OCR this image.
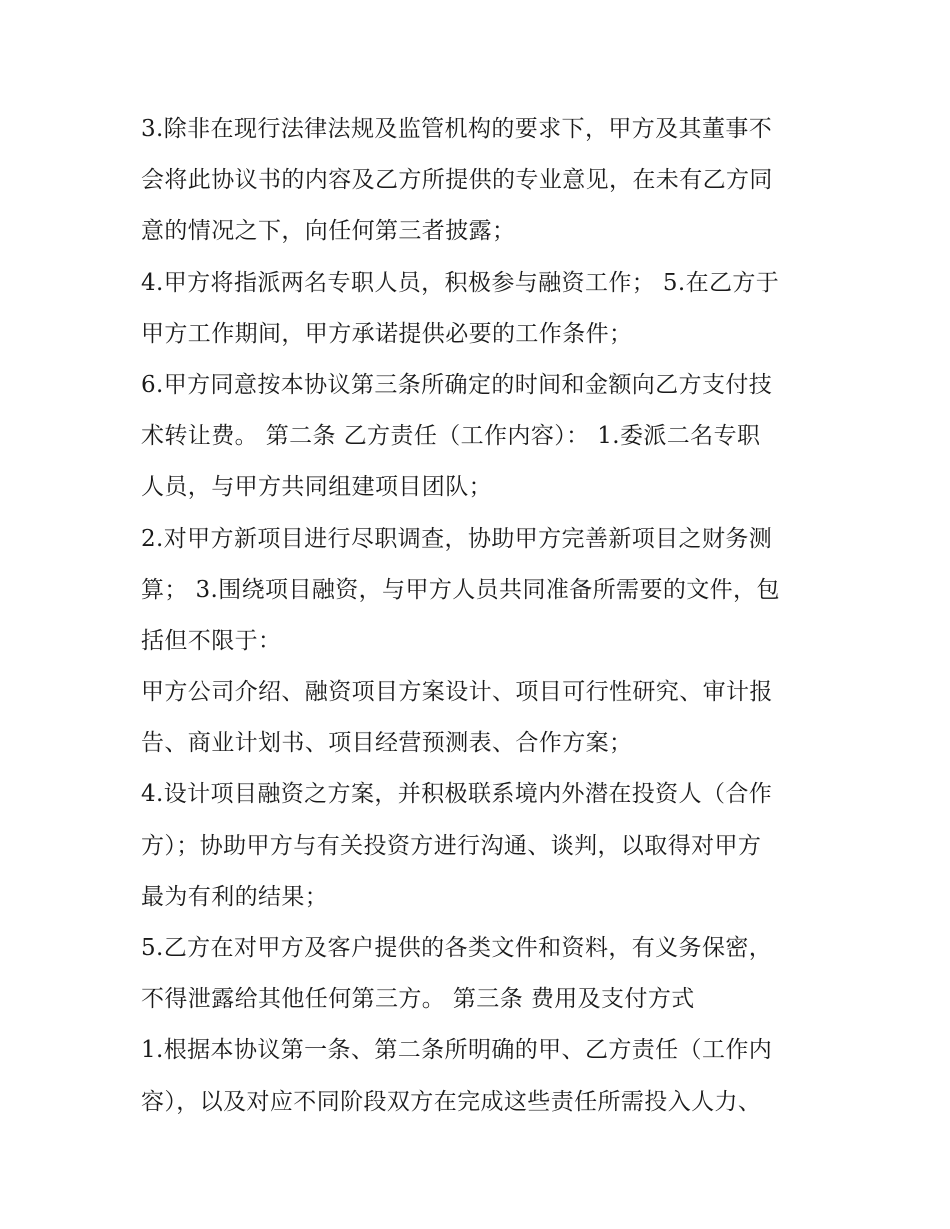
3.除非在现行法律法规及监管机构的要求下，甲方及其董事不
会将此协议书的内容及乙方所提供的专业意见，在未有乙方同
意的情况之下，向任何第三者披露；

4.甲方将指派两名专职人员，积极参与融资工作； 5.在乙方于
甲方工作期间，甲方承诺提供必要的工作条件；

6.甲方同意按本协议第三条所确定的时间和金额向乙方支付技
术转让费。 第二条 乙方责任（工作内容）： 1.委派二名专职
人员，与甲方共同组建项目团队；

2.对甲方新项目进行尽职调查，协助甲方完善新项目之财务测
算； 3.围绕项目融资，与甲方人员共同准备所需要的文件，包
括但不限于：

甲方公司介绍、融资项目方案设计、项目可行性研究、审计报
告、商业计划书、项目经营预测表、合作方案；

4.设计项目融资之方案，并积极联系境内外潜在投资人（合作
方）；协助甲方与有关投资方进行沟通、谈判，以取得对甲方
最为有利的结果；

5.乙方在对甲方及客户提供的各类文件和资料，有义务保密，
不得泄露给其他任何第三方。 第三条 费用及支付方式

1.根据本协议第一条、第二条所明确的甲、乙方责任（工作内
容），以及对应不同阶段双方在完成这些责任所需投入人力、
